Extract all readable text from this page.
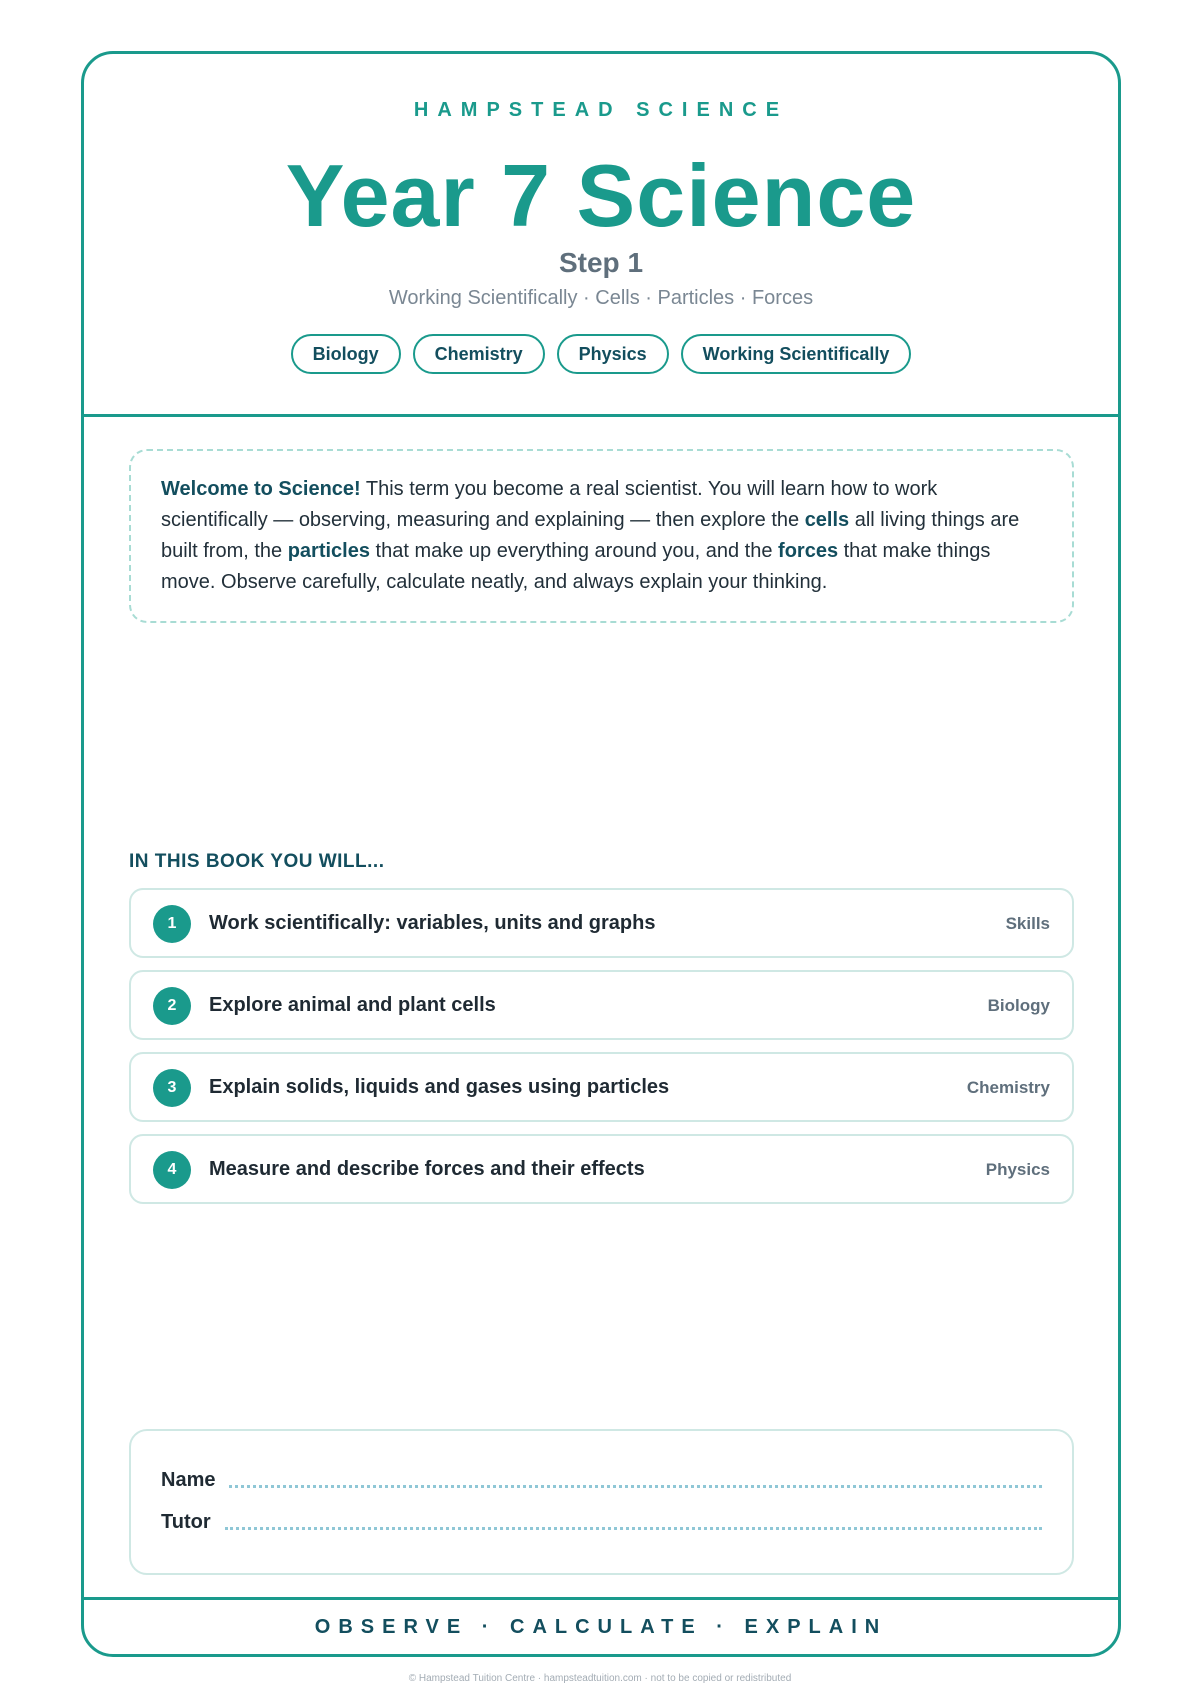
HAMPSTEAD SCIENCE
Year 7 Science
Step 1
Working Scientifically · Cells · Particles · Forces
Biology	Chemistry	Physics	Working Scientifically
Welcome to Science! This term you become a real scientist. You will learn how to work scientifically — observing, measuring and explaining — then explore the cells all living things are built from, the particles that make up everything around you, and the forces that make things move. Observe carefully, calculate neatly, and always explain your thinking.
IN THIS BOOK YOU WILL...
1	Work scientifically: variables, units and graphs	Skills
2	Explore animal and plant cells	Biology
3	Explain solids, liquids and gases using particles	Chemistry
4	Measure and describe forces and their effects	Physics
Name
Tutor
OBSERVE · CALCULATE · EXPLAIN
© Hampstead Tuition Centre · hampsteadtuition.com · not to be copied or redistributed
